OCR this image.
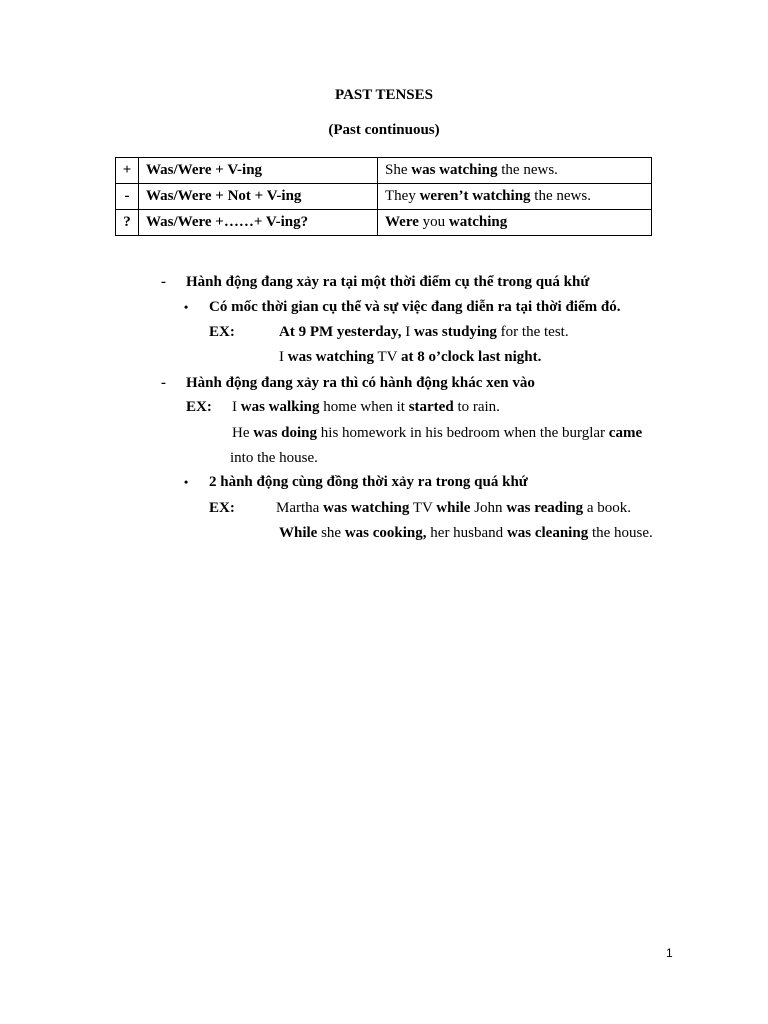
PAST TENSES
(Past continuous)
+	Was/Were + V-ing	She was watching the news.
-	Was/Were + Not + V-ing	They weren’t watching the news.
?	Was/Were +……+ V-ing?	Were you watching
- Hành động đang xảy ra tại một thời điểm cụ thể trong quá khứ
• Có mốc thời gian cụ thể và sự việc đang diễn ra tại thời điểm đó.
EX:	At 9 PM yesterday, I was studying for the test.
I was watching TV at 8 o’clock last night.
- Hành động đang xảy ra thì có hành động khác xen vào
EX: I was walking home when it started to rain.
He was doing his homework in his bedroom when the burglar came
into the house.
• 2 hành động cùng đồng thời xảy ra trong quá khứ
EX:	Martha was watching TV while John was reading a book.
While she was cooking, her husband was cleaning the house.
1
